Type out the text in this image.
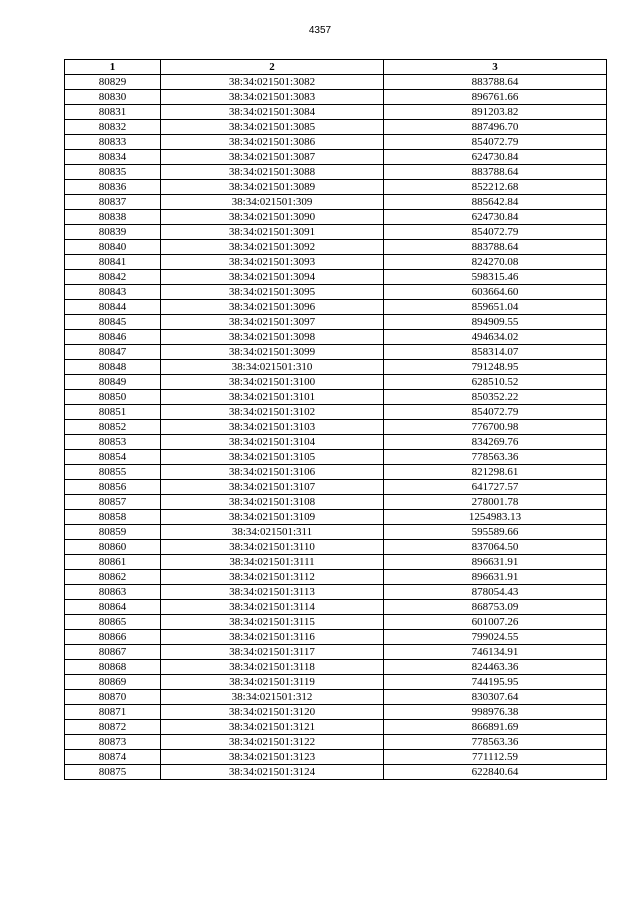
4357
1	2	3
80829	38:34:021501:3082	883788.64
80830	38:34:021501:3083	896761.66
80831	38:34:021501:3084	891203.82
80832	38:34:021501:3085	887496.70
80833	38:34:021501:3086	854072.79
80834	38:34:021501:3087	624730.84
80835	38:34:021501:3088	883788.64
80836	38:34:021501:3089	852212.68
80837	38:34:021501:309	885642.84
80838	38:34:021501:3090	624730.84
80839	38:34:021501:3091	854072.79
80840	38:34:021501:3092	883788.64
80841	38:34:021501:3093	824270.08
80842	38:34:021501:3094	598315.46
80843	38:34:021501:3095	603664.60
80844	38:34:021501:3096	859651.04
80845	38:34:021501:3097	894909.55
80846	38:34:021501:3098	494634.02
80847	38:34:021501:3099	858314.07
80848	38:34:021501:310	791248.95
80849	38:34:021501:3100	628510.52
80850	38:34:021501:3101	850352.22
80851	38:34:021501:3102	854072.79
80852	38:34:021501:3103	776700.98
80853	38:34:021501:3104	834269.76
80854	38:34:021501:3105	778563.36
80855	38:34:021501:3106	821298.61
80856	38:34:021501:3107	641727.57
80857	38:34:021501:3108	278001.78
80858	38:34:021501:3109	1254983.13
80859	38:34:021501:311	595589.66
80860	38:34:021501:3110	837064.50
80861	38:34:021501:3111	896631.91
80862	38:34:021501:3112	896631.91
80863	38:34:021501:3113	878054.43
80864	38:34:021501:3114	868753.09
80865	38:34:021501:3115	601007.26
80866	38:34:021501:3116	799024.55
80867	38:34:021501:3117	746134.91
80868	38:34:021501:3118	824463.36
80869	38:34:021501:3119	744195.95
80870	38:34:021501:312	830307.64
80871	38:34:021501:3120	998976.38
80872	38:34:021501:3121	866891.69
80873	38:34:021501:3122	778563.36
80874	38:34:021501:3123	771112.59
80875	38:34:021501:3124	622840.64
